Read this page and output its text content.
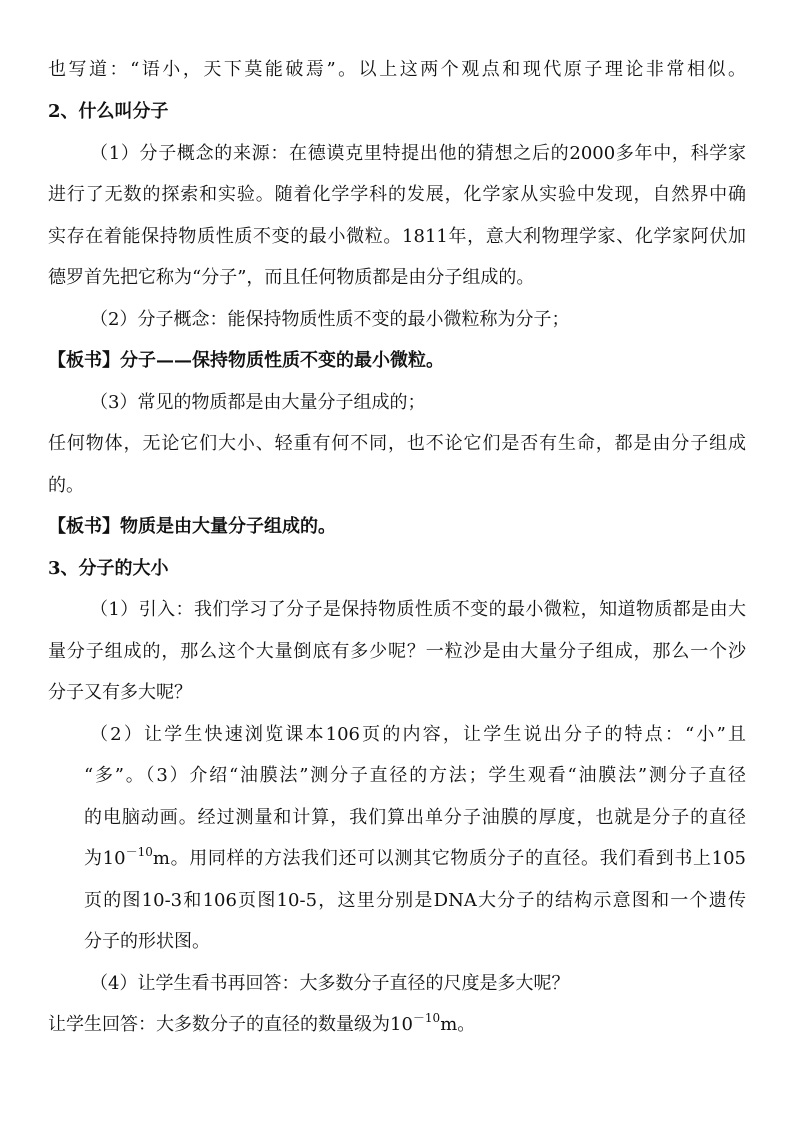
也写道：“语小，天下莫能破焉”。以上这两个观点和现代原子理论非常相似。
2、什么叫分子
（1）分子概念的来源：在德谟克里特提出他的猜想之后的2000多年中，科学家
进行了无数的探索和实验。随着化学学科的发展，化学家从实验中发现，自然界中确
实存在着能保持物质性质不变的最小微粒。1811年，意大利物理学家、化学家阿伏加
德罗首先把它称为“分子”，而且任何物质都是由分子组成的。
（2）分子概念：能保持物质性质不变的最小微粒称为分子；
【板书】分子——保持物质性质不变的最小微粒。
（3）常见的物质都是由大量分子组成的；
任何物体，无论它们大小、轻重有何不同，也不论它们是否有生命，都是由分子组成
的。
【板书】物质是由大量分子组成的。
3、分子的大小
（1）引入：我们学习了分子是保持物质性质不变的最小微粒，知道物质都是由大
量分子组成的，那么这个大量倒底有多少呢？一粒沙是由大量分子组成，那么一个沙
分子又有多大呢？
（2）让学生快速浏览课本106页的内容，让学生说出分子的特点：“小”且
“多”。（3）介绍“油膜法”测分子直径的方法；学生观看“油膜法”测分子直径
的电脑动画。经过测量和计算，我们算出单分子油膜的厚度，也就是分子的直径
为$10^{-10}m$。用同样的方法我们还可以测其它物质分子的直径。我们看到书上105
页的图10-3和106页图10-5，这里分别是DNA大分子的结构示意图和一个遗传
分子的形状图。
（4）让学生看书再回答：大多数分子直径的尺度是多大呢？
让学生回答：大多数分子的直径的数量级为$10^{-10}m$。
